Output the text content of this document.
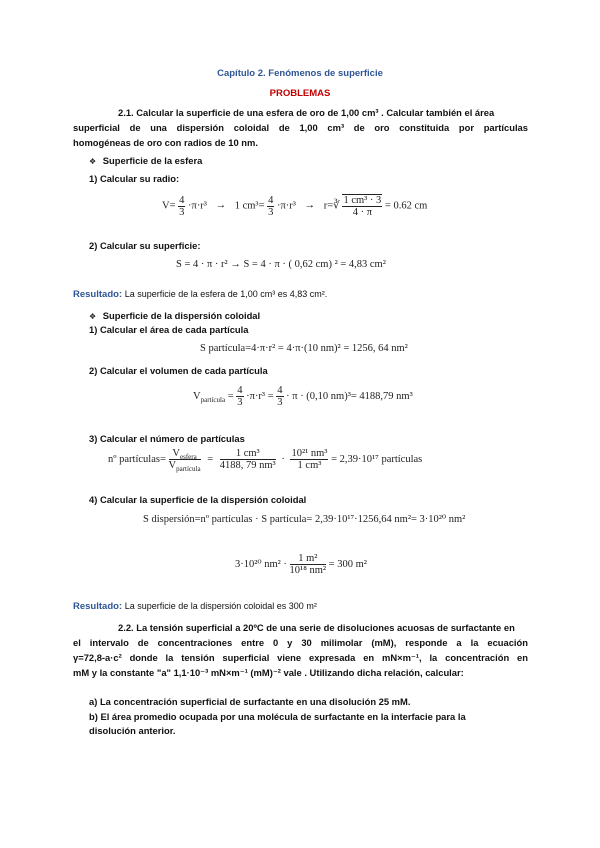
Capítulo 2. Fenómenos de superficie
PROBLEMAS
2.1. Calcular la superficie de una esfera de oro de 1,00 cm³ . Calcular también el área
superficial de una dispersión coloidal de 1,00 cm³ de oro constituida por partículas
homogéneas de oro con radios de 10 nm.
❖ Superficie de la esfera
1) Calcular su radio:
$V= \frac{4}{3} \cdot\pi\cdot r^3 \to 1$ $cm^3= \frac{4}{3} \cdot\pi\cdot r^3$ → r=∛ $\frac{\text{1 cm³ · 3}}{4 \cdot \pi} = 0.62$ cm
2) Calcular su superficie:
S = 4 · π · r² → S = 4 · π · ( 0,62 cm) ² = 4,83 cm²
Resultado: La superficie de la esfera de 1,00 cm³ es 4,83 cm².
❖ Superficie de la dispersión coloidal
1) Calcular el área de cada partícula
S partícula=4·π·r² = 4·π·(10 nm)² = 1256, 64 nm²
2) Calcular el volumen de cada partícula
$V_{partícula} = \frac{4}{3} \cdot\pi\cdot r^3 = \frac{4}{3} \cdot \pi \cdot (0,10$ nm)³= 4188,79 nm³
3) Calcular el número de partículas
nº partículas= $\frac{V_{esfera}}{V_{partícula}} = \frac{\text{1 cm³}}{\text{4188, 79 nm³}} \cdot \frac{\text{10²¹ nm³}}{\text{1 cm³}} = 2,39\cdot 10^{17}$ partículas
4) Calcular la superficie de la dispersión coloidal
S dispersión=nº partículas · S partícula= 2,39·10¹⁷·1256,64 nm²= 3·10²⁰ nm²
3·10²⁰ $nm^2 \cdot \frac{\text{1 m²}}{\text{10¹⁸ nm²}} = 300$ m²
Resultado: La superficie de la dispersión coloidal es 300 m²
2.2. La tensión superficial a 20ºC de una serie de disoluciones acuosas de surfactante en
el intervalo de concentraciones entre 0 y 30 milimolar (mM), responde a la ecuación
γ=72,8-a·c² donde la tensión superficial viene expresada en mN×m⁻¹, la concentración en
mM y la constante "a" 1,1·10⁻³ mN×m⁻¹ (mM)⁻² vale . Utilizando dicha relación, calcular:
a) La concentración superficial de surfactante en una disolución 25 mM.
b) El área promedio ocupada por una molécula de surfactante en la interfacie para la
disolución anterior.
